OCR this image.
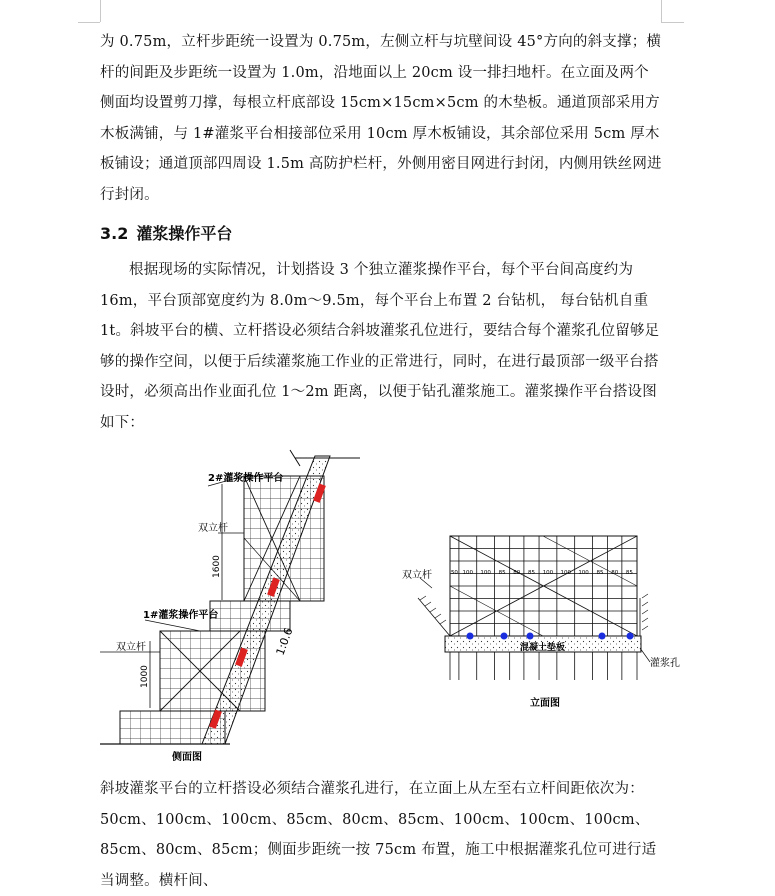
为 0.75m，立杆步距统一设置为 0.75m，左侧立杆与坑壁间设 45°方向的斜支撑；横杆的间距及步距统一设置为 1.0m，沿地面以上 20cm 设一排扫地杆。在立面及两个侧面均设置剪刀撑，每根立杆底部设 15cm×15cm×5cm 的木垫板。通道顶部采用方木板满铺，与 1#灌浆平台相接部位采用 10cm 厚木板铺设，其余部位采用 5cm 厚木板铺设；通道顶部四周设 1.5m 高防护栏杆，外侧用密目网进行封闭，内侧用铁丝网进行封闭。

3.2 灌浆操作平台

根据现场的实际情况，计划搭设 3 个独立灌浆操作平台，每个平台间高度约为 16m，平台顶部宽度约为 8.0m～9.5m，每个平台上布置 2 台钻机， 每台钻机自重 1t。斜坡平台的横、立杆搭设必须结合斜坡灌浆孔位进行，要结合每个灌浆孔位留够足够的操作空间，以便于后续灌浆施工作业的正常进行，同时，在进行最顶部一级平台搭设时，必须高出作业面孔位 1～2m 距离，以便于钻孔灌浆施工。灌浆操作平台搭设图如下：

2#灌浆操作平台
1#灌浆操作平台
双立杆
双立杆
1600
1000
1:0.6
侧面图
50 100 100 85 80 85 100 100 100 85 80 85
双立杆
混凝土垫板
灌浆孔
立面图

斜坡灌浆平台的立杆搭设必须结合灌浆孔进行，在立面上从左至右立杆间距依次为：50cm、100cm、100cm、85cm、80cm、85cm、100cm、100cm、100cm、85cm、80cm、85cm；侧面步距统一按 75cm 布置，施工中根据灌浆孔位可进行适当调整。横杆间、
